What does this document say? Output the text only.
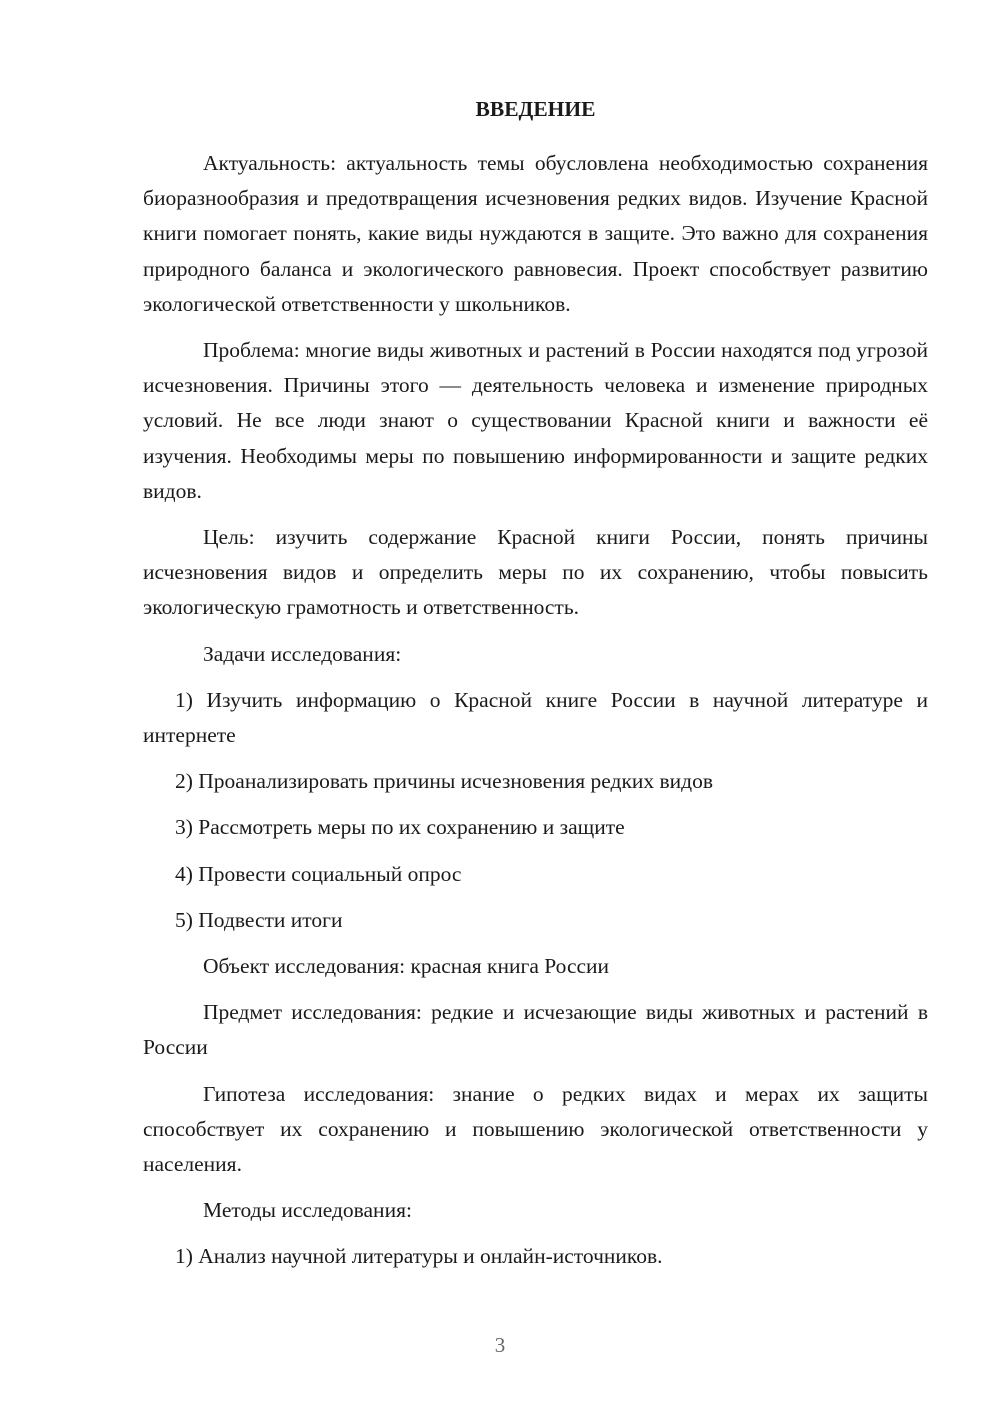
ВВЕДЕНИЕ

Актуальность: актуальность темы обусловлена необходимостью сохранения биоразнообразия и предотвращения исчезновения редких видов. Изучение Красной книги помогает понять, какие виды нуждаются в защите. Это важно для сохранения природного баланса и экологического равновесия. Проект способствует развитию экологической ответственности у школьников.

Проблема: многие виды животных и растений в России находятся под угрозой исчезновения. Причины этого — деятельность человека и изменение природных условий. Не все люди знают о существовании Красной книги и важности её изучения. Необходимы меры по повышению информированности и защите редких видов.

Цель: изучить содержание Красной книги России, понять причины исчезновения видов и определить меры по их сохранению, чтобы повысить экологическую грамотность и ответственность.

Задачи исследования:

1) Изучить информацию о Красной книге России в научной литературе и интернете

2) Проанализировать причины исчезновения редких видов

3) Рассмотреть меры по их сохранению и защите

4) Провести социальный опрос

5) Подвести итоги

Объект исследования: красная книга России

Предмет исследования: редкие и исчезающие виды животных и растений в России

Гипотеза исследования: знание о редких видах и мерах их защиты способствует их сохранению и повышению экологической ответственности у населения.

Методы исследования:

1) Анализ научной литературы и онлайн-источников.

3
